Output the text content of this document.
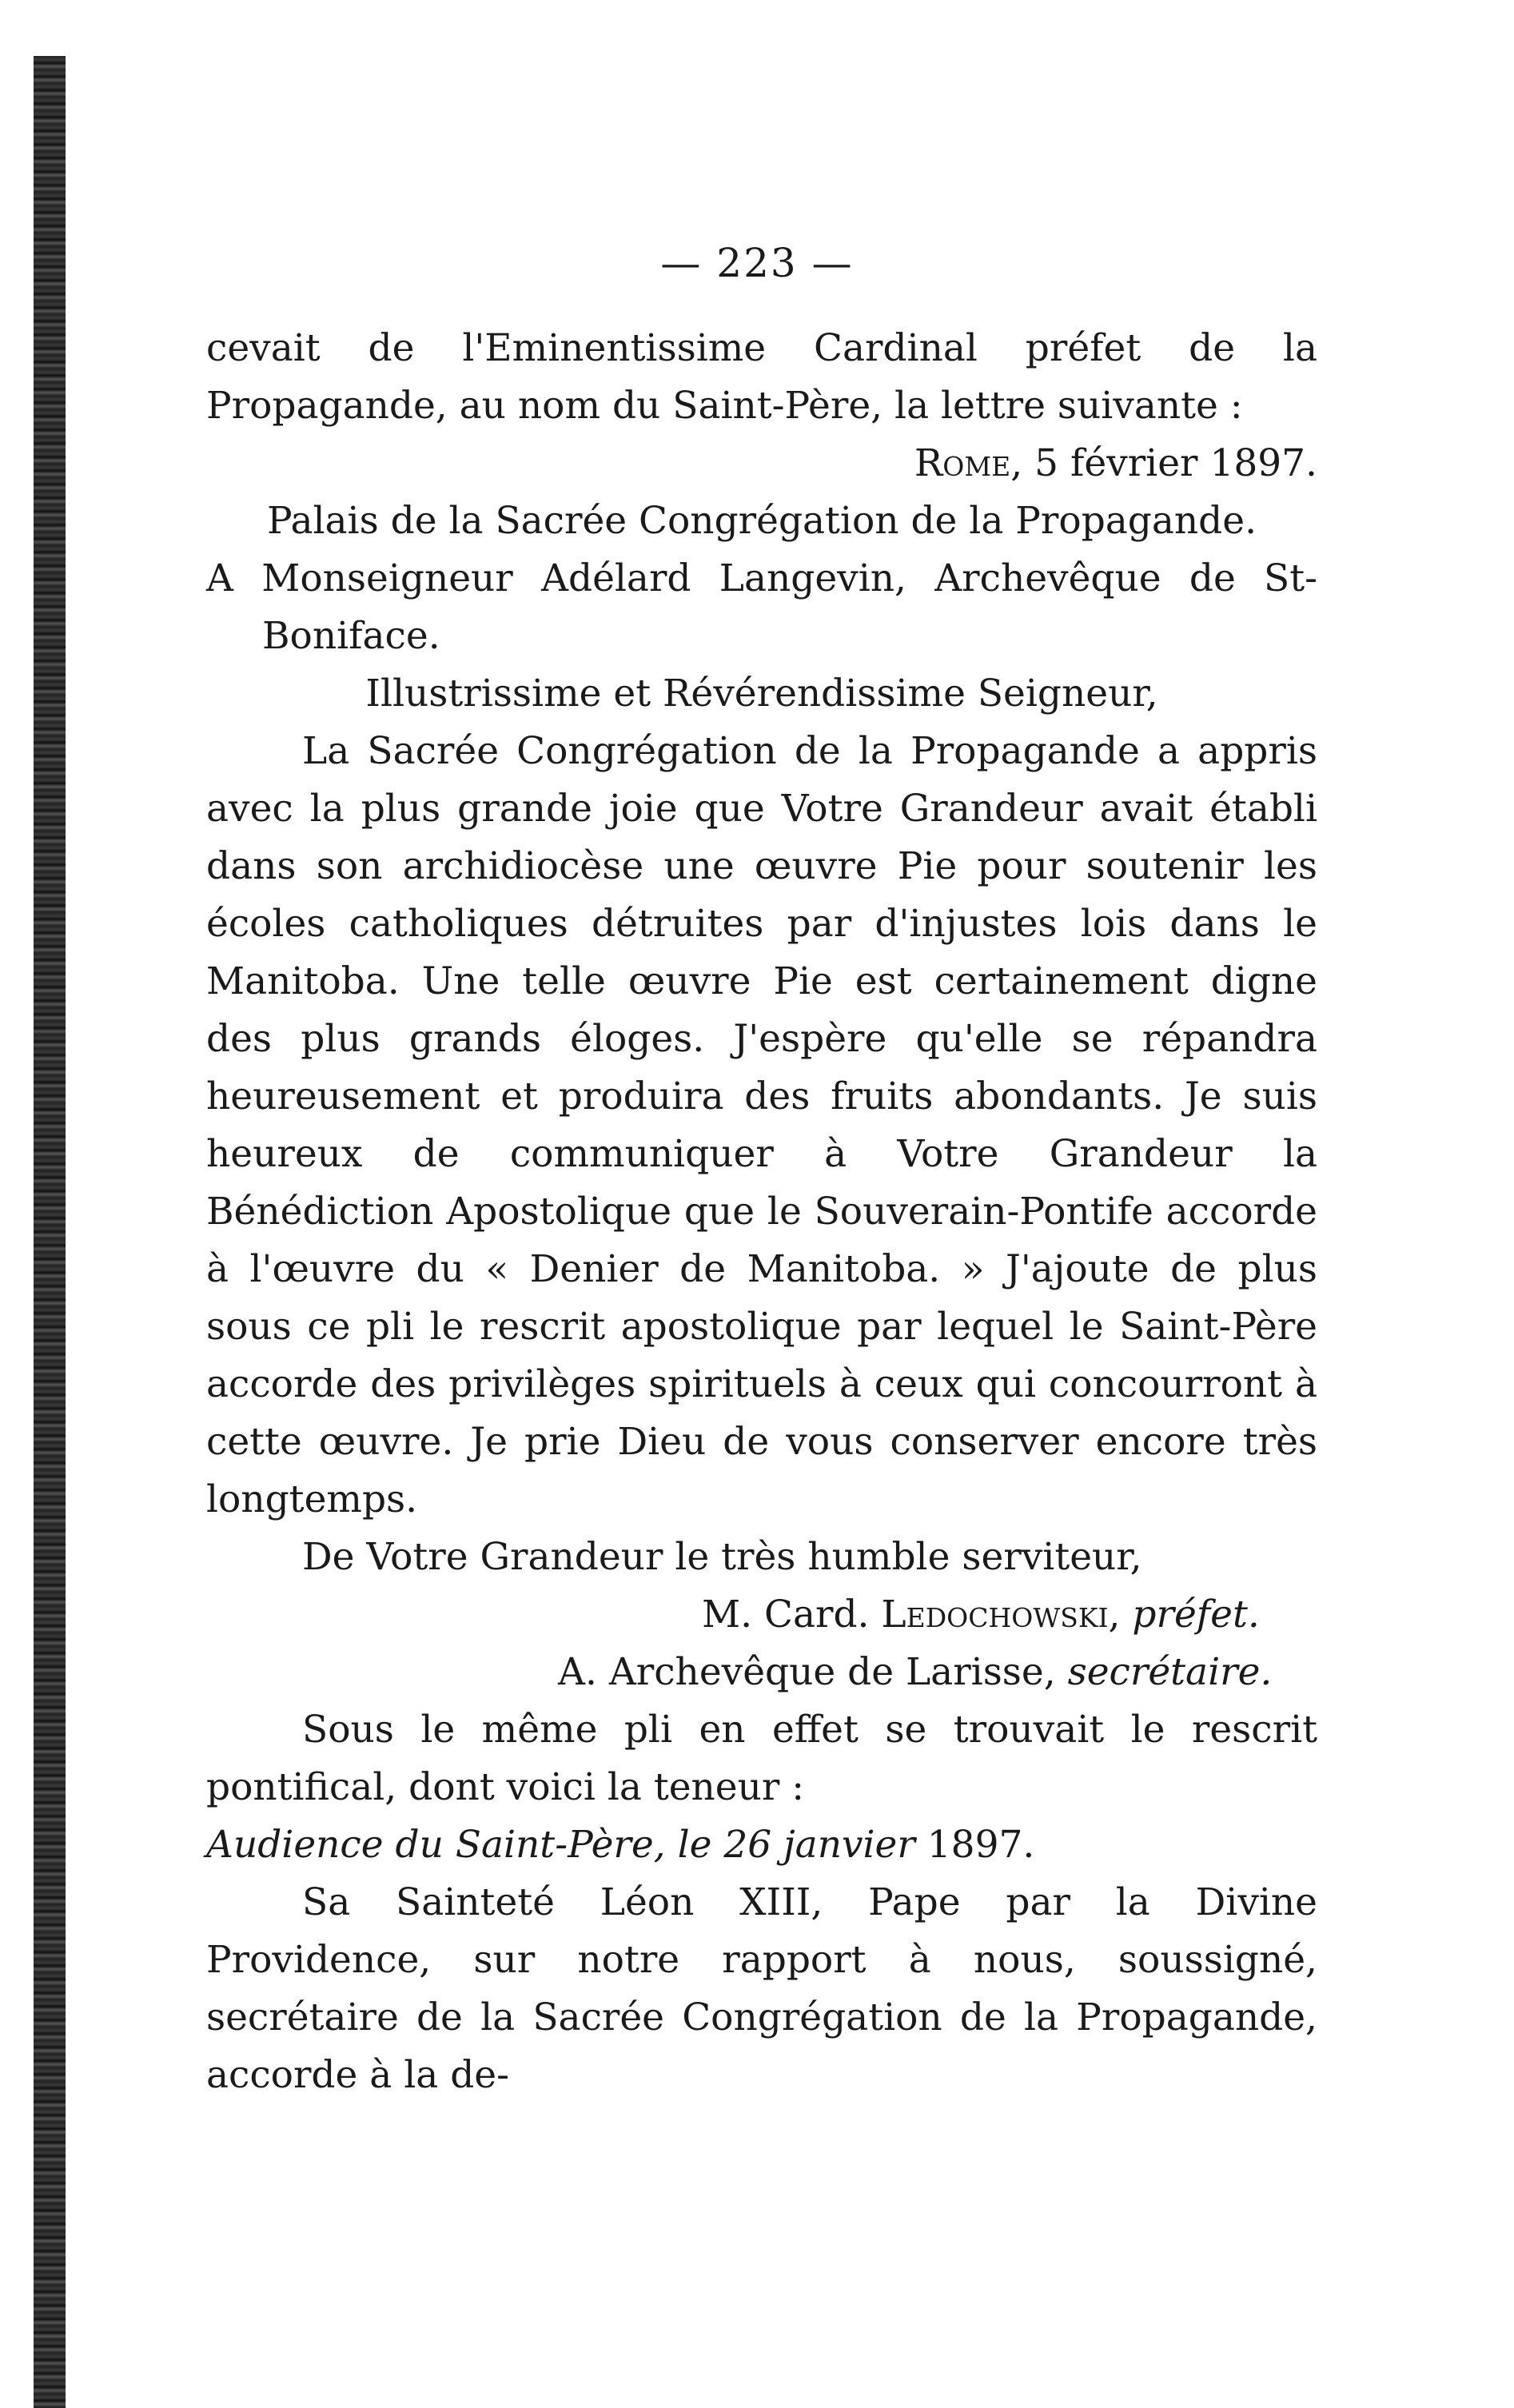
— 223 —

cevait de l'Eminentissime Cardinal préfet de la Propagande, au nom du Saint-Père, la lettre suivante :

Rome, 5 février 1897.

Palais de la Sacrée Congrégation de la Propagande.

A Monseigneur Adélard Langevin, Archevêque de St-Boniface.

Illustrissime et Révérendissime Seigneur,

La Sacrée Congrégation de la Propagande a appris avec la plus grande joie que Votre Grandeur avait établi dans son archidiocèse une œuvre Pie pour soutenir les écoles catholiques détruites par d'injustes lois dans le Manitoba. Une telle œuvre Pie est certainement digne des plus grands éloges. J'espère qu'elle se répandra heureusement et produira des fruits abondants. Je suis heureux de communiquer à Votre Grandeur la Bénédiction Apostolique que le Souverain-Pontife accorde à l'œuvre du « Denier de Manitoba. » J'ajoute de plus sous ce pli le rescrit apostolique par lequel le Saint-Père accorde des privilèges spirituels à ceux qui concourront à cette œuvre. Je prie Dieu de vous conserver encore très longtemps.

De Votre Grandeur le très humble serviteur,

M. Card. Ledochowski, préfet.

A. Archevêque de Larisse, secrétaire.

Sous le même pli en effet se trouvait le rescrit pontifical, dont voici la teneur :

Audience du Saint-Père, le 26 janvier 1897.

Sa Sainteté Léon XIII, Pape par la Divine Providence, sur notre rapport à nous, soussigné, secrétaire de la Sacrée Congrégation de la Propagande, accorde à la de-
